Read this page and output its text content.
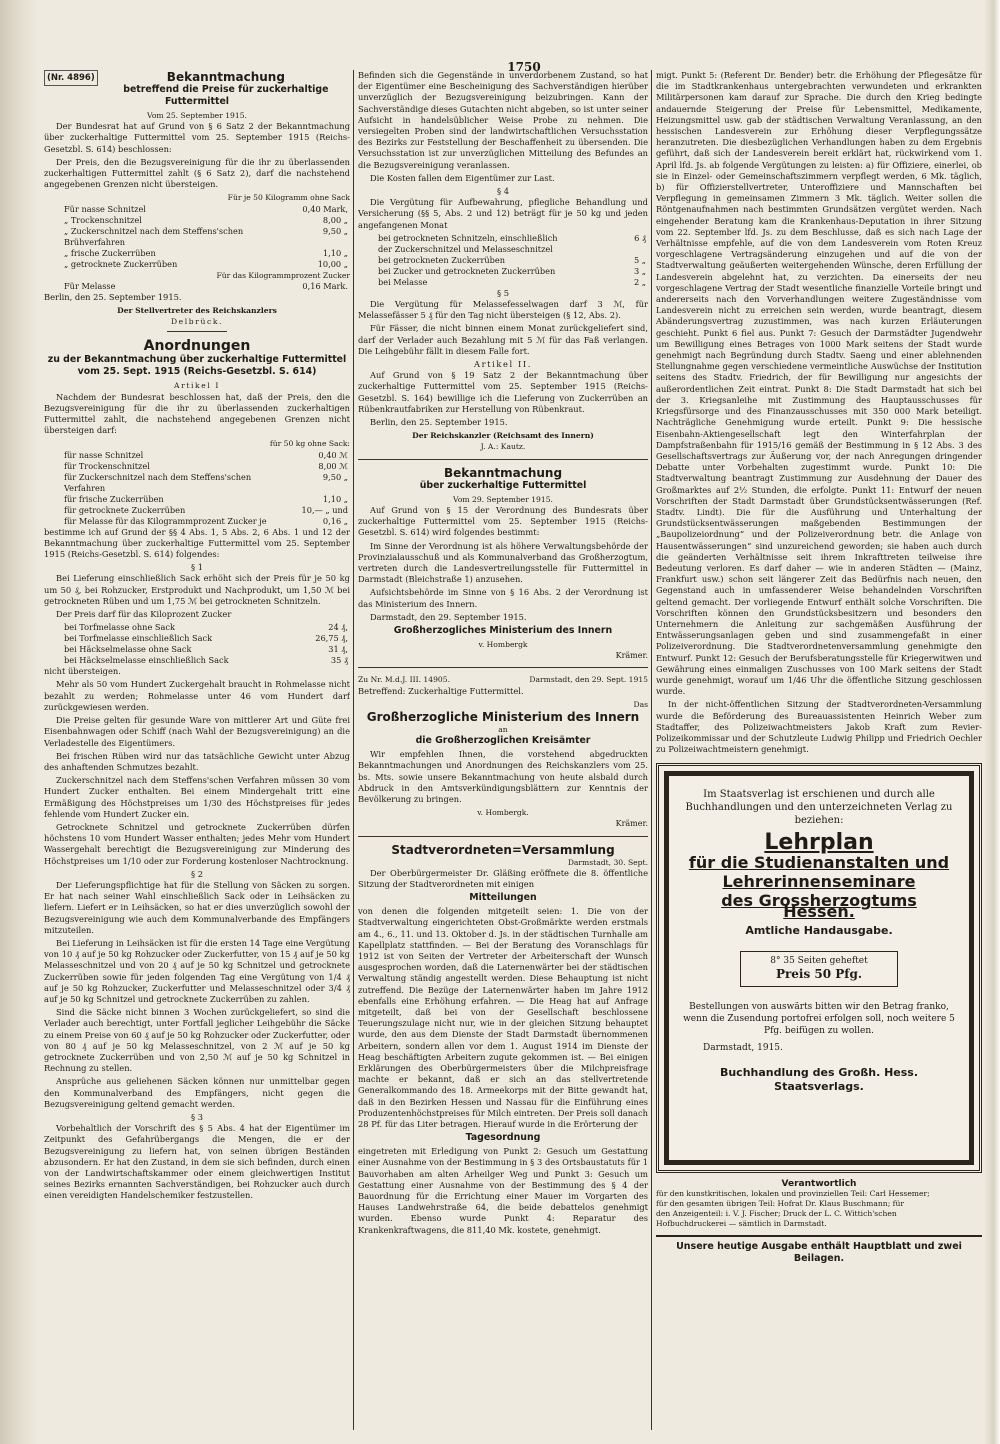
1750
(Nr. 4896)	Bekanntmachung
betreffend die Preise für zuckerhaltige Futtermittel
Vom 25. September 1915.

Der Bundesrat hat auf Grund von § 6 Satz 2 der Bekanntmachung über zuckerhaltige Futtermittel vom 25. September 1915 (Reichs-Gesetzbl. S. 614) beschlossen:

Der Preis, den die Bezugsvereinigung für die ihr zu überlassenden zuckerhaltigen Futtermittel zahlt (§ 6 Satz 2), darf die nachstehend angegebenen Grenzen nicht übersteigen.

Für je 50 Kilogramm ohne Sack
Für nasse Schnitzel	0,40 Mark,
„ Trockenschnitzel	8,00 „
„ Zuckerschnitzel nach dem Steffens'schen Brühverfahren	9,50 „
„ frische Zuckerrüben	1,10 „
„ getrocknete Zuckerrüben	10,00 „
Für das Kilogrammprozent Zucker
Für Melasse	0,16 Mark.

Berlin, den 25. September 1915.

Der Stellvertreter des Reichskanzlers
Delbrück.
Anordnungen
zu der Bekanntmachung über zuckerhaltige Futtermittel vom 25. Sept. 1915 (Reichs-Gesetzbl. S. 614)
Artikel I

Nachdem der Bundesrat beschlossen hat, daß der Preis, den die Bezugsvereinigung für die ihr zu überlassenden zuckerhaltigen Futtermittel zahlt, die nachstehend angegebenen Grenzen nicht übersteigen darf:

für 50 kg ohne Sack:
für nasse Schnitzel	0,40 ℳ
für Trockenschnitzel	8,00 ℳ
für Zuckerschnitzel nach dem Steffens'schen Verfahren	9,50 „
für frische Zuckerrüben	1,10 „
für getrocknete Zuckerrüben	10,— „ und
für Melasse für das Kilogrammprozent Zucker je	0,16 „

bestimme ich auf Grund der §§ 4 Abs. 1, 5 Abs. 2, 6 Abs. 1 und 12 der Bekanntmachung über zuckerhaltige Futtermittel vom 25. September 1915 (Reichs-Gesetzbl. S. 614) folgendes:

§ 1

Bei Lieferung einschließlich Sack erhöht sich der Preis für je 50 kg um 50 ₰, bei Rohzucker, Erstprodukt und Nachprodukt, um 1,50 ℳ bei getrockneten Rüben und um 1,75 ℳ bei getrockneten Schnitzeln.

Der Preis darf für das Kiloprozent Zucker

bei Torfmelasse ohne Sack	24 ₰,
bei Torfmelasse einschließlich Sack	26,75 ₰,
bei Häckselmelasse ohne Sack	31 ₰,
bei Häckselmelasse einschließlich Sack	35 ₰

nicht übersteigen.

Mehr als 50 vom Hundert Zuckergehalt braucht in Rohmelasse nicht bezahlt zu werden; Rohmelasse unter 46 vom Hundert darf zurückgewiesen werden.

Die Preise gelten für gesunde Ware von mittlerer Art und Güte frei Eisenbahnwagen oder Schiff (nach Wahl der Bezugsvereinigung) an die Verladestelle des Eigentümers.

Bei frischen Rüben wird nur das tatsächliche Gewicht unter Abzug des anhaftenden Schmutzes bezahlt.

Zuckerschnitzel nach dem Steffens'schen Verfahren müssen 30 vom Hundert Zucker enthalten. Bei einem Mindergehalt tritt eine Ermäßigung des Höchstpreises um 1/30 des Höchstpreises für jedes fehlende vom Hundert Zucker ein.

Getrocknete Schnitzel und getrocknete Zuckerrüben dürfen höchstens 10 vom Hundert Wasser enthalten; jedes Mehr vom Hundert Wassergehalt berechtigt die Bezugsvereinigung zur Minderung des Höchstpreises um 1/10 oder zur Forderung kostenloser Nachtrocknung.

§ 2

Der Lieferungspflichtige hat für die Stellung von Säcken zu sorgen. Er hat nach seiner Wahl einschließlich Sack oder in Leihsäcken zu liefern. Liefert er in Leihsäcken, so hat er dies unverzüglich sowohl der Bezugsvereinigung wie auch dem Kommunalverbande des Empfängers mitzuteilen.

Bei Lieferung in Leihsäcken ist für die ersten 14 Tage eine Vergütung von 10 ₰ auf je 50 kg Rohzucker oder Zuckerfutter, von 15 ₰ auf je 50 kg Melasseschnitzel und von 20 ₰ auf je 50 kg Schnitzel und getrocknete Zuckerrüben sowie für jeden folgenden Tag eine Vergütung von 1/4 ₰ auf je 50 kg Rohzucker, Zuckerfutter und Melasseschnitzel oder 3/4 ₰ auf je 50 kg Schnitzel und getrocknete Zuckerrüben zu zahlen.

Sind die Säcke nicht binnen 3 Wochen zurückgeliefert, so sind die Verlader auch berechtigt, unter Fortfall jeglicher Leihgebühr die Säcke zu einem Preise von 60 ₰ auf je 50 kg Rohzucker oder Zuckerfutter, oder von 80 ₰ auf je 50 kg Melasseschnitzel, von 2 ℳ auf je 50 kg getrocknete Zuckerrüben und von 2,50 ℳ auf je 50 kg Schnitzel in Rechnung zu stellen.

Ansprüche aus geliehenen Säcken können nur unmittelbar gegen den Kommunalverband des Empfängers, nicht gegen die Bezugsvereinigung geltend gemacht werden.

§ 3

Vorbehaltlich der Vorschrift des § 5 Abs. 4 hat der Eigentümer im Zeitpunkt des Gefahrübergangs die Mengen, die er der Bezugsvereinigung zu liefern hat, von seinen übrigen Beständen abzusondern. Er hat den Zustand, in dem sie sich befinden, durch einen von der Landwirtschaftskammer oder einem gleichwertigen Institut seines Bezirks ernannten Sachverständigen, bei Rohzucker auch durch einen vereidigten Handelschemiker festzustellen.

Befinden sich die Gegenstände in unverdorbenem Zustand, so hat der Eigentümer eine Bescheinigung des Sachverständigen hierüber unverzüglich der Bezugsvereinigung beizubringen. Kann der Sachverständige dieses Gutachten nicht abgeben, so ist unter seiner Aufsicht in handelsüblicher Weise Probe zu nehmen. Die versiegelten Proben sind der landwirtschaftlichen Versuchsstation des Bezirks zur Feststellung der Beschaffenheit zu übersenden. Die Versuchsstation ist zur unverzüglichen Mitteilung des Befundes an die Bezugsvereinigung veranlassen.

Die Kosten fallen dem Eigentümer zur Last.

§ 4

Die Vergütung für Aufbewahrung, pflegliche Behandlung und Versicherung (§§ 5, Abs. 2 und 12) beträgt für je 50 kg und jeden angefangenen Monat

bei getrockneten Schnitzeln, einschließlich der Zuckerschnitzel und Melasseschnitzel	6 ₰
bei getrockneten Zuckerrüben	5 „
bei Zucker und getrockneten Zuckerrüben	3 „
bei Melasse	2 „
§ 5

Die Vergütung für Melassefesselwagen darf 3 ℳ, für Melassefässer 5 ₰ für den Tag nicht übersteigen (§ 12, Abs. 2).

Für Fässer, die nicht binnen einem Monat zurückgeliefert sind, darf der Verlader auch Bezahlung mit 5 ℳ für das Faß verlangen. Die Leihgebühr fällt in diesem Falle fort.

Artikel II.

Auf Grund von § 19 Satz 2 der Bekanntmachung über zuckerhaltige Futtermittel vom 25. September 1915 (Reichs-Gesetzbl. S. 164) bewillige ich die Lieferung von Zuckerrüben an Rübenkrautfabriken zur Herstellung von Rübenkraut.

Berlin, den 25. September 1915.

Der Reichskanzler (Reichsamt des Innern)
J. A.: Kautz.
Bekanntmachung
über zuckerhaltige Futtermittel
Vom 29. September 1915.

Auf Grund von § 15 der Verordnung des Bundesrats über zuckerhaltige Futtermittel vom 25. September 1915 (Reichs-Gesetzbl. S. 614) wird folgendes bestimmt:

Im Sinne der Verordnung ist als höhere Verwaltungsbehörde der Provinzialausschuß und als Kommunalverband das Großherzogtum, vertreten durch die Landesvertreilungsstelle für Futtermittel in Darmstadt (Bleichstraße 1) anzusehen.

Aufsichtsbehörde im Sinne von § 16 Abs. 2 der Verordnung ist das Ministerium des Innern.

Darmstadt, den 29. September 1915.

Großherzogliches Ministerium des Innern
v. Hombergk
Krämer.
Zu Nr. M.d.J. III. 14905.	Darmstadt, den 29. Sept. 1915

Betreffend: Zuckerhaltige Futtermittel.

Das
Großherzogliche Ministerium des Innern
an
die Großherzoglichen Kreisämter

Wir empfehlen Ihnen, die vorstehend abgedruckten Bekanntmachungen und Anordnungen des Reichskanzlers vom 25. bs. Mts. sowie unsere Bekanntmachung von heute alsbald durch Abdruck in den Amtsverkündigungsblättern zur Kenntnis der Bevölkerung zu bringen.

v. Hombergk.
Krämer.
Stadtverordneten=Versammlung
Darmstadt, 30. Sept.

Der Oberbürgermeister Dr. Gläßing eröffnete die 8. öffentliche Sitzung der Stadtverordneten mit einigen

Mitteilungen

von denen die folgenden mitgeteilt seien: 1. Die von der Stadtverwaltung eingerichteten Obst-Großmärkte werden erstmals am 4., 6., 11. und 13. Oktober d. Js. in der städtischen Turnhalle am Kapellplatz stattfinden. — Bei der Beratung des Voranschlags für 1912 ist von Seiten der Vertreter der Arbeiterschaft der Wunsch ausgesprochen worden, daß die Laternenwärter bei der städtischen Verwaltung ständig angestellt werden. Diese Behauptung ist nicht zutreffend. Die Bezüge der Laternenwärter haben im Jahre 1912 ebenfalls eine Erhöhung erfahren. — Die Heag hat auf Anfrage mitgeteilt, daß bei von der Gesellschaft beschlossene Teuerungszulage nicht nur, wie in der gleichen Sitzung behauptet wurde, den aus dem Dienste der Stadt Darmstadt übernommenen Arbeitern, sondern allen vor dem 1. August 1914 im Dienste der Heag beschäftigten Arbeitern zugute gekommen ist. — Bei einigen Erklärungen des Oberbürgermeisters über die Milchpreisfrage machte er bekannt, daß er sich an das stellvertretende Generalkommando des 18. Armeekorps mit der Bitte gewandt hat, daß in den Bezirken Hessen und Nassau für die Einführung eines Produzentenhöchstpreises für Milch eintreten. Der Preis soll danach 28 Pf. für das Liter betragen. Hierauf wurde in die Erörterung der

Tagesordnung

eingetreten mit Erledigung von Punkt 2: Gesuch um Gestattung einer Ausnahme von der Bestimmung in § 3 des Ortsbaustatuts für 1 Bauvorhaben am alten Arheilger Weg und Punkt 3: Gesuch um Gestattung einer Ausnahme von der Bestimmung des § 4 der Bauordnung für die Errichtung einer Mauer im Vorgarten des Hauses Landwehrstraße 64, die beide debattelos genehmigt wurden. Ebenso wurde Punkt 4: Reparatur des Krankenkraftwagens, die 811,40 Mk. kostete, genehmigt.

migt. Punkt 5: (Referent Dr. Bender) betr. die Erhöhung der Pflegesätze für die im Stadtkrankenhaus untergebrachten verwundeten und erkrankten Militärpersonen kam darauf zur Sprache. Die durch den Krieg bedingte andauernde Steigerung der Preise für Lebensmittel, Medikamente, Heizungsmittel usw. gab der städtischen Verwaltung Veranlassung, an den hessischen Landesverein zur Erhöhung dieser Verpflegungssätze heranzutreten. Die diesbezüglichen Verhandlungen haben zu dem Ergebnis geführt, daß sich der Landesverein bereit erklärt hat, rückwirkend vom 1. April lfd. Js. ab folgende Vergütungen zu leisten: a) für Offiziere, einerlei, ob sie in Einzel- oder Gemeinschaftszimmern verpflegt werden, 6 Mk. täglich, b) für Offizierstellvertreter, Unteroffiziere und Mannschaften bei Verpflegung in gemeinsamen Zimmern 3 Mk. täglich. Weiter sollen die Röntgenaufnahmen nach bestimmten Grundsätzen vergütet werden. Nach eingehender Beratung kam die Krankenhaus-Deputation in ihrer Sitzung vom 22. September lfd. Js. zu dem Beschlusse, daß es sich nach Lage der Verhältnisse empfehle, auf die von dem Landesverein vom Roten Kreuz vorgeschlagene Vertragsänderung einzugehen und auf die von der Stadtverwaltung geäußerten weitergehenden Wünsche, deren Erfüllung der Landesverein abgelehnt hat, zu verzichten. Da einerseits der neu vorgeschlagene Vertrag der Stadt wesentliche finanzielle Vorteile bringt und andererseits nach den Vorverhandlungen weitere Zugeständnisse vom Landesverein nicht zu erreichen sein werden, wurde beantragt, diesem Abänderungsvertrag zuzustimmen, was nach kurzen Erläuterungen geschieht. Punkt 6 fiel aus. Punkt 7: Gesuch der Darmstädter Jugendwehr um Bewilligung eines Betrages von 1000 Mark seitens der Stadt wurde genehmigt nach Begründung durch Stadtv. Saeng und einer ablehnenden Stellungnahme gegen verschiedene vermeintliche Auswüchse der Institution seitens des Stadtv. Friedrich, der für Bewilligung nur angesichts der außerordentlichen Zeit eintrat. Punkt 8: Die Stadt Darmstadt hat sich bei der 3. Kriegsanleihe mit Zustimmung des Hauptausschusses für Kriegsfürsorge und des Finanzausschusses mit 350 000 Mark beteiligt. Nachträgliche Genehmigung wurde erteilt. Punkt 9: Die hessische Eisenbahn-Aktiengesellschaft legt den Winterfahrplan der Dampfstraßenbahn für 1915/16 gemäß der Bestimmung in § 12 Abs. 3 des Gesellschaftsvertrags zur Äußerung vor, der nach Anregungen dringender Debatte unter Vorbehalten zugestimmt wurde. Punkt 10: Die Stadtverwaltung beantragt Zustimmung zur Ausdehnung der Dauer des Großmarktes auf 2½ Stunden, die erfolgte. Punkt 11: Entwurf der neuen Vorschriften der Stadt Darmstadt über Grundstücksentwässerungen (Ref. Stadtv. Lindt). Die für die Ausführung und Unterhaltung der Grundstücksentwässerungen maßgebenden Bestimmungen der „Baupolizeiordnung“ und der Polizeiverordnung betr. die Anlage von Hausentwässerungen“ sind unzureichend geworden; sie haben auch durch die geänderten Verhältnisse seit ihrem Inkrafttreten teilweise ihre Bedeutung verloren. Es darf daher — wie in anderen Städten — (Mainz, Frankfurt usw.) schon seit längerer Zeit das Bedürfnis nach neuen, den Gegenstand auch in umfassenderer Weise behandelnden Vorschriften geltend gemacht. Der vorliegende Entwurf enthält solche Vorschriften. Die Vorschriften können den Grundstücksbesitzern und besonders den Unternehmern die Anleitung zur sachgemäßen Ausführung der Entwässerungsanlagen geben und sind zusammengefaßt in einer Polizeiverordnung. Die Stadtverordnetenversammlung genehmigte den Entwurf. Punkt 12: Gesuch der Berufsberatungsstelle für Kriegerwitwen und Gewährung eines einmaligen Zuschusses von 100 Mark seitens der Stadt wurde genehmigt, worauf um 1/46 Uhr die öffentliche Sitzung geschlossen wurde.

In der nicht-öffentlichen Sitzung der Stadtverordneten-Versammlung wurde die Beförderung des Bureauassistenten Heinrich Weber zum Stadtaffer, des Polizeiwachtmeisters Jakob Kraft zum Revier-Polizeikommissar und der Schutzleute Ludwig Philipp und Friedrich Oechler zu Polizeiwachtmeistern genehmigt.

Im Staatsverlag ist erschienen und durch alle Buchhandlungen und den unterzeichneten Verlag zu beziehen:
Lehrplan
für die Studienanstalten und
Lehrerinnenseminare
des Grossherzogtums Hessen.
Amtliche Handausgabe.
8° 35 Seiten geheftet
Preis 50 Pfg.
Bestellungen von auswärts bitten wir den Betrag franko, wenn die Zusendung portofrei erfolgen soll, noch weitere 5 Pfg. beifügen zu wollen.
Darmstadt, 1915.
Buchhandlung des Großh. Hess. Staatsverlags.
Verantwortlich
für den kunstkritischen, lokalen und provinziellen Teil: Carl Hessemer;
für den gesamten übrigen Teil: Hofrat Dr. Klaus Buschmann; für
den Anzeigenteil: i. V. J. Fischer; Druck der L. C. Wittich'schen
Hofbuchdruckerei — sämtlich in Darmstadt.
Unsere heutige Ausgabe enthält Hauptblatt und zwei Beilagen.
